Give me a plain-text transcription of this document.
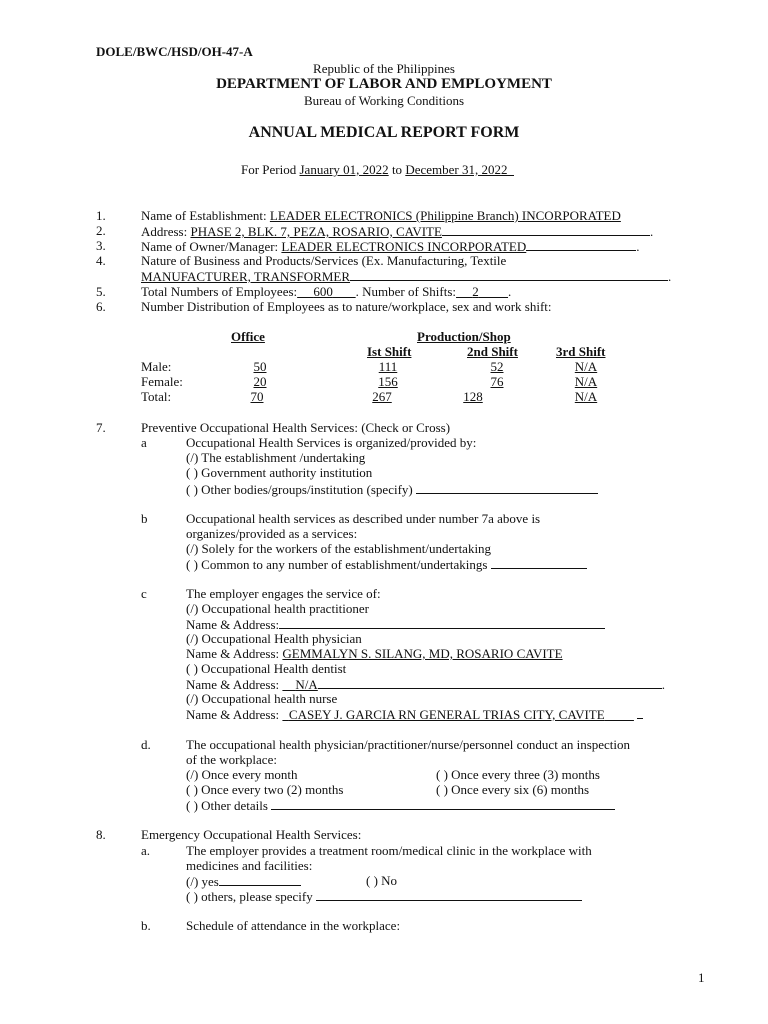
DOLE/BWC/HSD/OH-47-A
Republic of the Philippines
DEPARTMENT OF LABOR AND EMPLOYMENT
Bureau of Working Conditions
ANNUAL MEDICAL REPORT FORM
For Period January 01, 2022 to December 31, 2022
1.	Name of Establishment: LEADER ELECTRONICS (Philippine Branch) INCORPORATED
2.	Address: PHASE 2, BLK. 7, PEZA, ROSARIO, CAVITE	.
3.	Name of Owner/Manager: LEADER ELECTRONICS INCORPORATED	.
4.	Nature of Business and Products/Services (Ex. Manufacturing, Textile
MANUFACTURER, TRANSFORMER	.
5.	Total Numbers of Employees: 600 . Number of Shifts: 2 .
6.	Number Distribution of Employees as to nature/workplace, sex and work shift:
Office	Production/Shop
Ist Shift	2nd Shift	3rd Shift
Male:	50	111	52	N/A
Female:	20	156	76	N/A
Total:	70	267	128	N/A
7.	Preventive Occupational Health Services: (Check or Cross)
a	Occupational Health Services is organized/provided by:
(/) The establishment /undertaking
( ) Government authority institution
( ) Other bodies/groups/institution (specify)
b	Occupational health services as described under number 7a above is
organizes/provided as a services:
(/) Solely for the workers of the establishment/undertaking
( ) Common to any number of establishment/undertakings
c	The employer engages the service of:
(/) Occupational health practitioner
Name & Address:
(/) Occupational Health physician
Name & Address: GEMMALYN S. SILANG, MD, ROSARIO CAVITE
( ) Occupational Health dentist
Name & Address: N/A	.
(/) Occupational health nurse
Name & Address: CASEY J. GARCIA RN GENERAL TRIAS CITY, CAVITE
d.	The occupational health physician/practitioner/nurse/personnel conduct an inspection
of the workplace:
(/) Once every month	( ) Once every three (3) months
( ) Once every two (2) months	( ) Once every six (6) months
( ) Other details
8.	Emergency Occupational Health Services:
a.	The employer provides a treatment room/medical clinic in the workplace with
medicines and facilities:
(/) yes	( ) No
( ) others, please specify
b.	Schedule of attendance in the workplace:
1
